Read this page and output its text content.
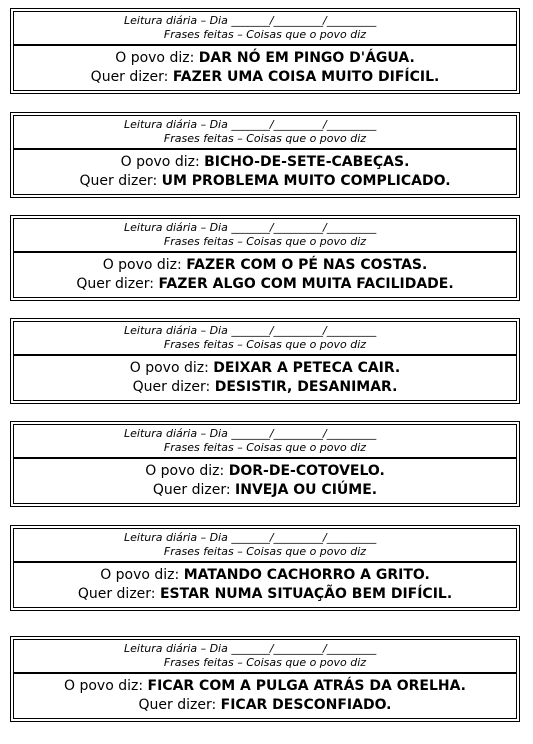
Leitura diária – Dia _______/_________/_________
Frases feitas – Coisas que o povo diz
O povo diz: DAR NÓ EM PINGO D'ÁGUA.
Quer dizer: FAZER UMA COISA MUITO DIFÍCIL.
Leitura diária – Dia _______/_________/_________
Frases feitas – Coisas que o povo diz
O povo diz: BICHO-DE-SETE-CABEÇAS.
Quer dizer: UM PROBLEMA MUITO COMPLICADO.
Leitura diária – Dia _______/_________/_________
Frases feitas – Coisas que o povo diz
O povo diz: FAZER COM O PÉ NAS COSTAS.
Quer dizer: FAZER ALGO COM MUITA FACILIDADE.
Leitura diária – Dia _______/_________/_________
Frases feitas – Coisas que o povo diz
O povo diz: DEIXAR A PETECA CAIR.
Quer dizer: DESISTIR, DESANIMAR.
Leitura diária – Dia _______/_________/_________
Frases feitas – Coisas que o povo diz
O povo diz: DOR-DE-COTOVELO.
Quer dizer: INVEJA OU CIÚME.
Leitura diária – Dia _______/_________/_________
Frases feitas – Coisas que o povo diz
O povo diz: MATANDO CACHORRO A GRITO.
Quer dizer: ESTAR NUMA SITUAÇÃO BEM DIFÍCIL.
Leitura diária – Dia _______/_________/_________
Frases feitas – Coisas que o povo diz
O povo diz: FICAR COM A PULGA ATRÁS DA ORELHA.
Quer dizer: FICAR DESCONFIADO.
